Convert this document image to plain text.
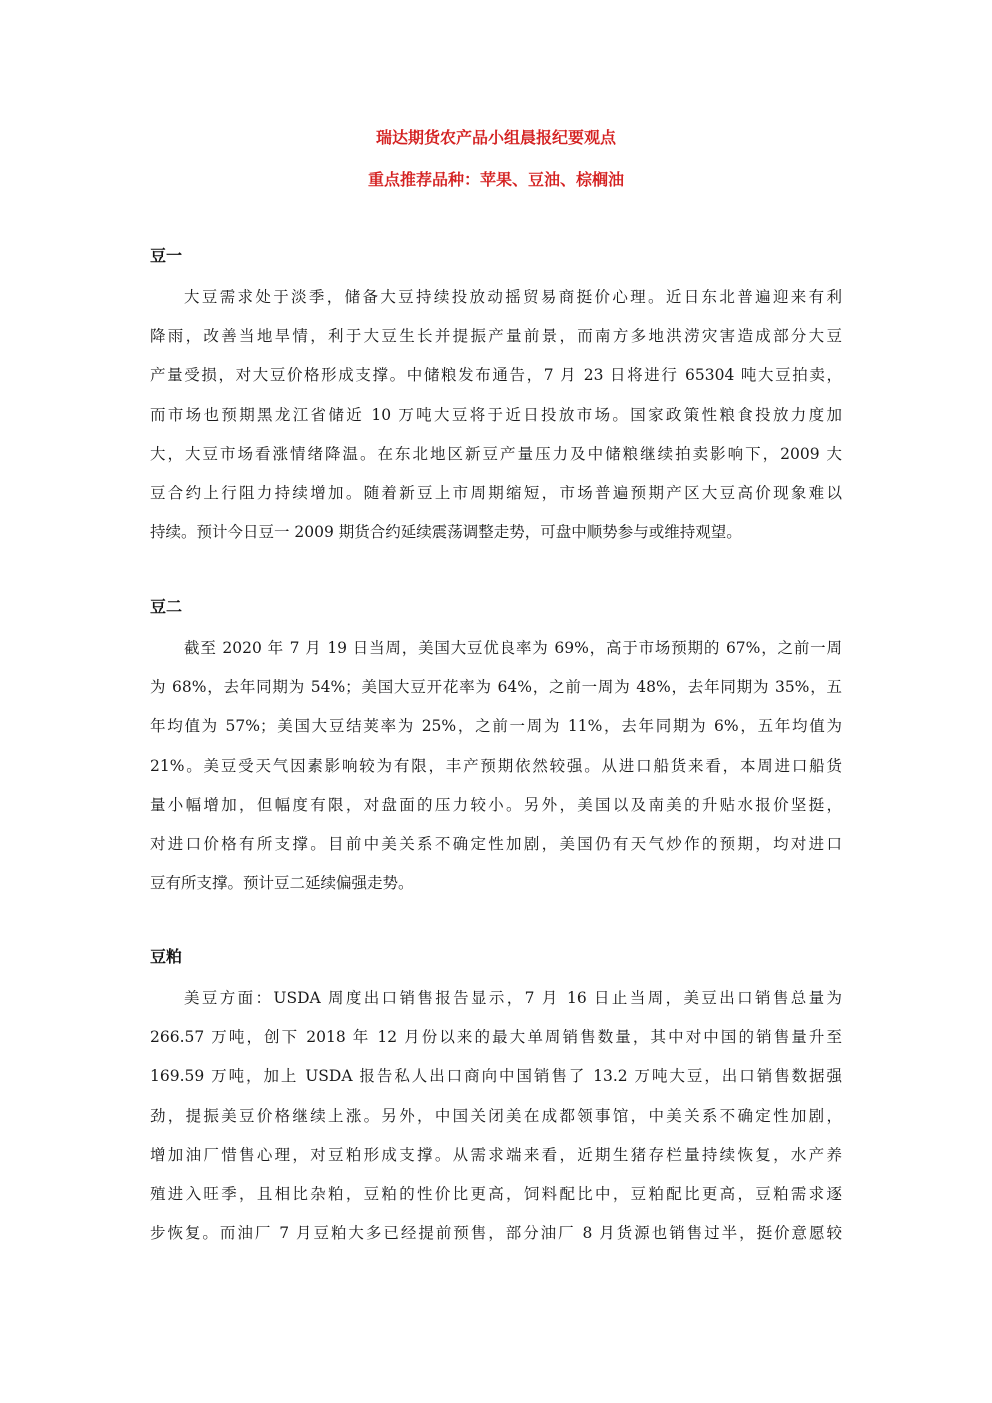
瑞达期货农产品小组晨报纪要观点
重点推荐品种：苹果、豆油、棕榈油
豆一
大豆需求处于淡季，储备大豆持续投放动摇贸易商挺价心理。近日东北普遍迎来有利
降雨，改善当地旱情，利于大豆生长并提振产量前景，而南方多地洪涝灾害造成部分大豆
产量受损，对大豆价格形成支撑。中储粮发布通告，7 月 23 日将进行 65304 吨大豆拍卖，
而市场也预期黑龙江省储近 10 万吨大豆将于近日投放市场。国家政策性粮食投放力度加
大，大豆市场看涨情绪降温。在东北地区新豆产量压力及中储粮继续拍卖影响下，2009 大
豆合约上行阻力持续增加。随着新豆上市周期缩短，市场普遍预期产区大豆高价现象难以
持续。预计今日豆一 2009 期货合约延续震荡调整走势，可盘中顺势参与或维持观望。
豆二
截至 2020 年 7 月 19 日当周，美国大豆优良率为 69%，高于市场预期的 67%，之前一周
为 68%，去年同期为 54%；美国大豆开花率为 64%，之前一周为 48%，去年同期为 35%，五
年均值为 57%；美国大豆结荚率为 25%，之前一周为 11%，去年同期为 6%，五年均值为
21%。美豆受天气因素影响较为有限，丰产预期依然较强。从进口船货来看，本周进口船货
量小幅增加，但幅度有限，对盘面的压力较小。另外，美国以及南美的升贴水报价坚挺，
对进口价格有所支撑。目前中美关系不确定性加剧，美国仍有天气炒作的预期，均对进口
豆有所支撑。预计豆二延续偏强走势。
豆粕
美豆方面：USDA 周度出口销售报告显示，7 月 16 日止当周，美豆出口销售总量为
266.57 万吨，创下 2018 年 12 月份以来的最大单周销售数量，其中对中国的销售量升至
169.59 万吨，加上 USDA 报告私人出口商向中国销售了 13.2 万吨大豆，出口销售数据强
劲，提振美豆价格继续上涨。另外，中国关闭美在成都领事馆，中美关系不确定性加剧，
增加油厂惜售心理，对豆粕形成支撑。从需求端来看，近期生猪存栏量持续恢复，水产养
殖进入旺季，且相比杂粕，豆粕的性价比更高，饲料配比中，豆粕配比更高，豆粕需求逐
步恢复。而油厂 7 月豆粕大多已经提前预售，部分油厂 8 月货源也销售过半，挺价意愿较
